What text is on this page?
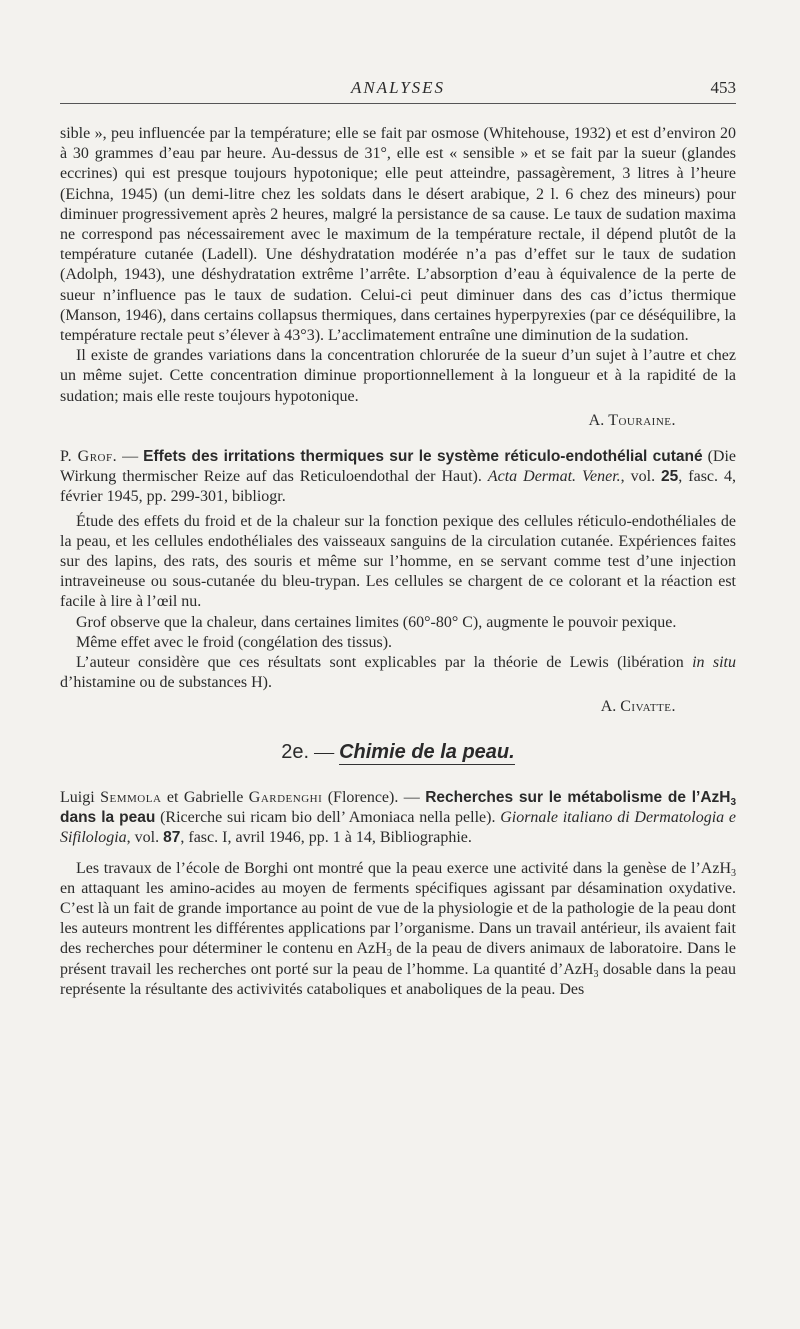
ANALYSES	453

sible », peu influencée par la température; elle se fait par osmose (Whitehouse, 1932) et est d’environ 20 à 30 grammes d’eau par heure. Au-dessus de 31°, elle est « sensible » et se fait par la sueur (glandes eccrines) qui est presque toujours hypotonique; elle peut atteindre, passagèrement, 3 litres à l’heure (Eichna, 1945) (un demi-litre chez les soldats dans le désert arabique, 2 l. 6 chez des mineurs) pour diminuer progressivement après 2 heures, malgré la persistance de sa cause. Le taux de sudation maxima ne correspond pas nécessairement avec le maximum de la température rectale, il dépend plutôt de la température cutanée (Ladell). Une déshydratation modérée n’a pas d’effet sur le taux de sudation (Adolph, 1943), une déshydratation extrême l’arrête. L’absorption d’eau à équivalence de la perte de sueur n’influence pas le taux de sudation. Celui-ci peut diminuer dans des cas d’ictus thermique (Manson, 1946), dans certains collapsus thermiques, dans certaines hyperpyrexies (par ce déséquilibre, la température rectale peut s’élever à 43°3). L’acclimatement entraîne une diminution de la sudation.

Il existe de grandes variations dans la concentration chlorurée de la sueur d’un sujet à l’autre et chez un même sujet. Cette concentration diminue proportionnellement à la longueur et à la rapidité de la sudation; mais elle reste toujours hypotonique.

A. Touraine.

P. Grof. — Effets des irritations thermiques sur le système réticulo-endothélial cutané (Die Wirkung thermischer Reize auf das Reticuloendothal der Haut). Acta Dermat. Vener., vol. 25, fasc. 4, février 1945, pp. 299-301, bibliogr.

Étude des effets du froid et de la chaleur sur la fonction pexique des cellules réticulo-endothéliales de la peau, et les cellules endothéliales des vaisseaux sanguins de la circulation cutanée. Expériences faites sur des lapins, des rats, des souris et même sur l’homme, en se servant comme test d’une injection intraveineuse ou sous-cutanée du bleu-trypan. Les cellules se chargent de ce colorant et la réaction est facile à lire à l’œil nu.

Grof observe que la chaleur, dans certaines limites (60°-80° C), augmente le pouvoir pexique.

Même effet avec le froid (congélation des tissus).

L’auteur considère que ces résultats sont explicables par la théorie de Lewis (libération in situ d’histamine ou de substances H).

A. Civatte.

2e. — Chimie de la peau.

Luigi Semmola et Gabrielle Gardenghi (Florence). — Recherches sur le métabolisme de l’AzH$_3$ dans la peau (Ricerche sui ricam bio dell’ Amoniaca nella pelle). Giornale italiano di Dermatologia e Sifilologia, vol. 87, fasc. I, avril 1946, pp. 1 à 14, Bibliographie.

Les travaux de l’école de Borghi ont montré que la peau exerce une activité dans la genèse de l’AzH$_3$ en attaquant les amino-acides au moyen de ferments spécifiques agissant par désamination oxydative. C’est là un fait de grande importance au point de vue de la physiologie et de la pathologie de la peau dont les auteurs montrent les différentes applications par l’organisme. Dans un travail antérieur, ils avaient fait des recherches pour déterminer le contenu en AzH$_3$ de la peau de divers animaux de laboratoire. Dans le présent travail les recherches ont porté sur la peau de l’homme. La quantité d’AzH$_3$ dosable dans la peau représente la résultante des activivités cataboliques et anaboliques de la peau. Des
